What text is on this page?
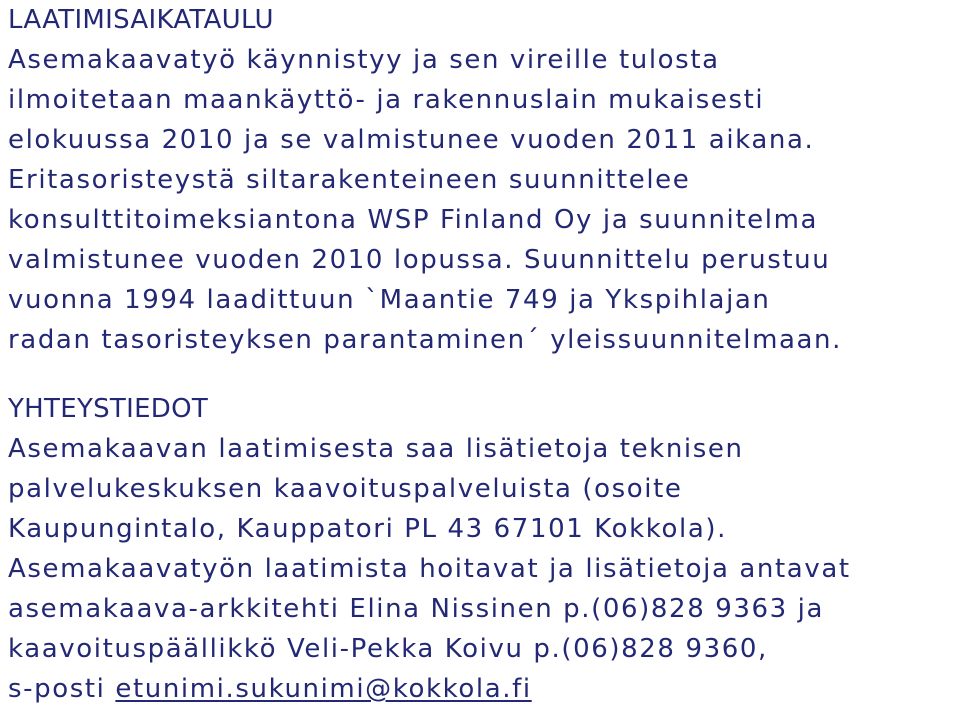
LAATIMISAIKATAULU

Asemakaavatyö käynnistyy ja sen vireille tulosta

ilmoitetaan maankäyttö- ja rakennuslain mukaisesti

elokuussa 2010 ja se valmistunee vuoden 2011 aikana.

Eritasoristeystä siltarakenteineen suunnittelee

konsulttitoimeksiantona WSP Finland Oy ja suunnitelma

valmistunee vuoden 2010 lopussa. Suunnittelu perustuu

vuonna 1994 laadittuun `Maantie 749 ja Ykspihlajan

radan tasoristeyksen parantaminen´ yleissuunnitelmaan.

YHTEYSTIEDOT

Asemakaavan laatimisesta saa lisätietoja teknisen

palvelukeskuksen kaavoituspalveluista (osoite

Kaupungintalo, Kauppatori PL 43 67101 Kokkola).

Asemakaavatyön laatimista hoitavat ja lisätietoja antavat

asemakaava-arkkitehti Elina Nissinen p.(06)828 9363 ja

kaavoituspäällikkö Veli-Pekka Koivu p.(06)828 9360,

s-posti etunimi.sukunimi@kokkola.fi
